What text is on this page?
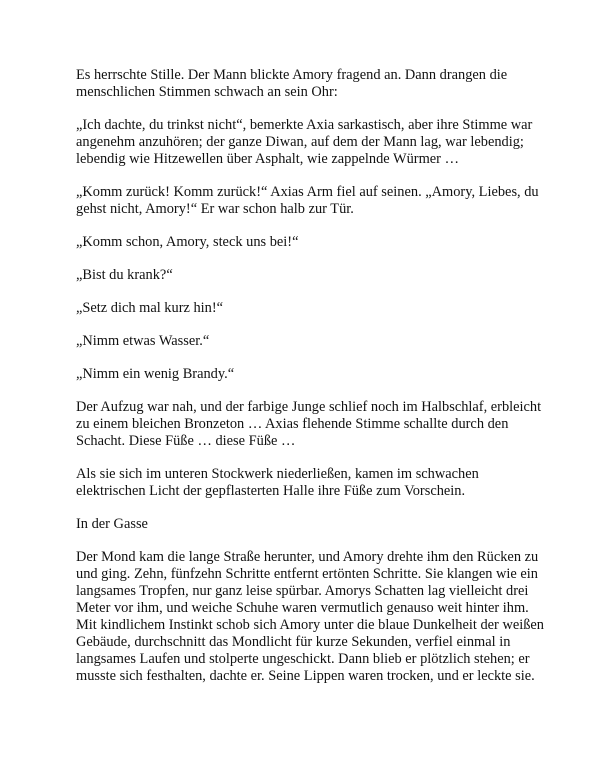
Es herrschte Stille. Der Mann blickte Amory fragend an. Dann drangen die menschlichen Stimmen schwach an sein Ohr:

„Ich dachte, du trinkst nicht“, bemerkte Axia sarkastisch, aber ihre Stimme war angenehm anzuhören; der ganze Diwan, auf dem der Mann lag, war lebendig; lebendig wie Hitzewellen über Asphalt, wie zappelnde Würmer …

„Komm zurück! Komm zurück!“ Axias Arm fiel auf seinen. „Amory, Liebes, du gehst nicht, Amory!“ Er war schon halb zur Tür.

„Komm schon, Amory, steck uns bei!“

„Bist du krank?“

„Setz dich mal kurz hin!“

„Nimm etwas Wasser.“

„Nimm ein wenig Brandy.“

Der Aufzug war nah, und der farbige Junge schlief noch im Halbschlaf, erbleicht zu einem bleichen Bronzeton … Axias flehende Stimme schallte durch den Schacht. Diese Füße … diese Füße …

Als sie sich im unteren Stockwerk niederließen, kamen im schwachen elektrischen Licht der gepflasterten Halle ihre Füße zum Vorschein.

In der Gasse

Der Mond kam die lange Straße herunter, und Amory drehte ihm den Rücken zu und ging. Zehn, fünfzehn Schritte entfernt ertönten Schritte. Sie klangen wie ein langsames Tropfen, nur ganz leise spürbar. Amorys Schatten lag vielleicht drei Meter vor ihm, und weiche Schuhe waren vermutlich genauso weit hinter ihm. Mit kindlichem Instinkt schob sich Amory unter die blaue Dunkelheit der weißen Gebäude, durchschnitt das Mondlicht für kurze Sekunden, verfiel einmal in langsames Laufen und stolperte ungeschickt. Dann blieb er plötzlich stehen; er musste sich festhalten, dachte er. Seine Lippen waren trocken, und er leckte sie.
